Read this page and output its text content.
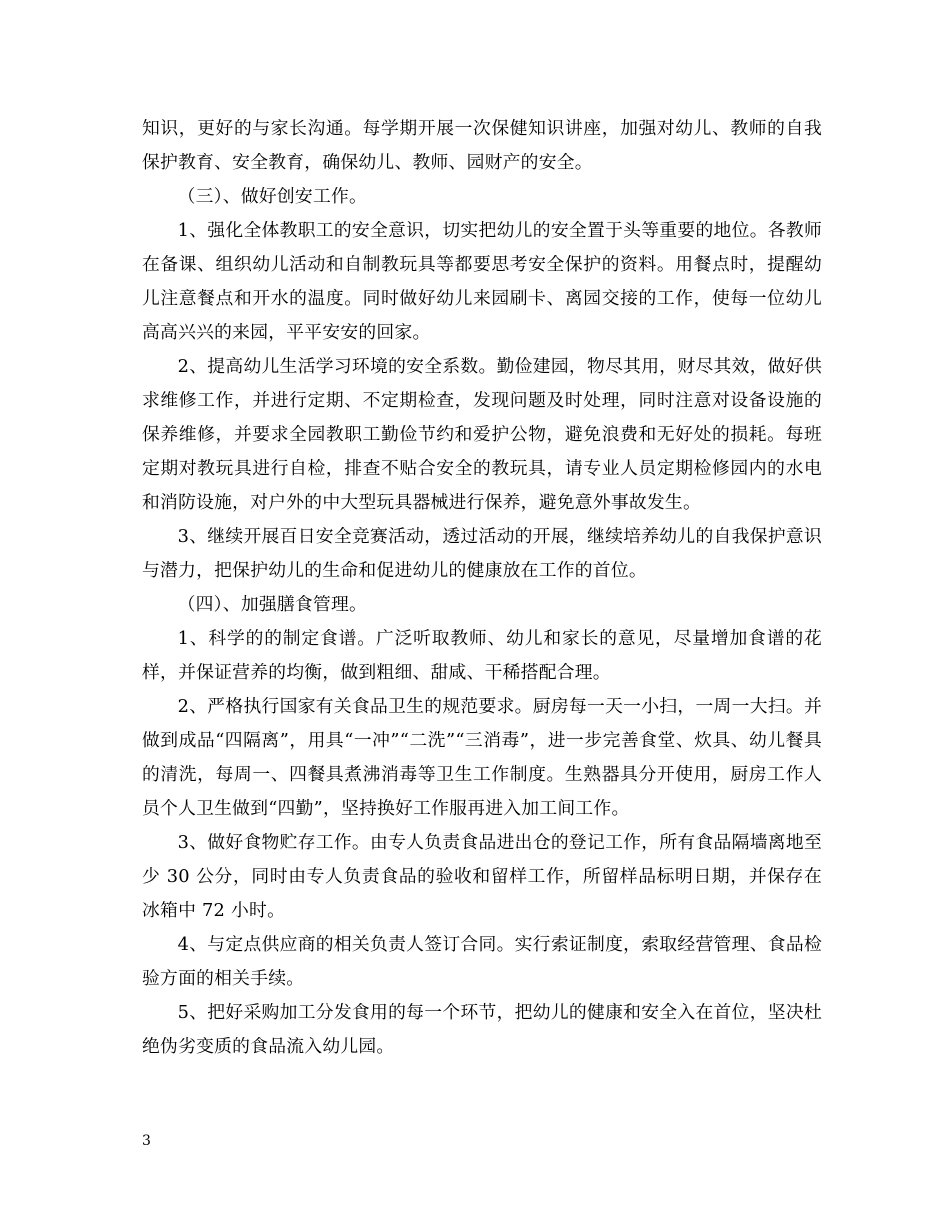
知识，更好的与家长沟通。每学期开展一次保健知识讲座，加强对幼儿、教师的自我保护教育、安全教育，确保幼儿、教师、园财产的安全。

（三）、做好创安工作。

1、强化全体教职工的安全意识，切实把幼儿的安全置于头等重要的地位。各教师在备课、组织幼儿活动和自制教玩具等都要思考安全保护的资料。用餐点时，提醒幼儿注意餐点和开水的温度。同时做好幼儿来园刷卡、离园交接的工作，使每一位幼儿高高兴兴的来园，平平安安的回家。

2、提高幼儿生活学习环境的安全系数。勤俭建园，物尽其用，财尽其效，做好供求维修工作，并进行定期、不定期检查，发现问题及时处理，同时注意对设备设施的保养维修，并要求全园教职工勤俭节约和爱护公物，避免浪费和无好处的损耗。每班定期对教玩具进行自检，排查不贴合安全的教玩具，请专业人员定期检修园内的水电和消防设施，对户外的中大型玩具器械进行保养，避免意外事故发生。

3、继续开展百日安全竞赛活动，透过活动的开展，继续培养幼儿的自我保护意识与潜力，把保护幼儿的生命和促进幼儿的健康放在工作的首位。

（四）、加强膳食管理。

1、科学的的制定食谱。广泛听取教师、幼儿和家长的意见，尽量增加食谱的花样，并保证营养的均衡，做到粗细、甜咸、干稀搭配合理。

2、严格执行国家有关食品卫生的规范要求。厨房每一天一小扫，一周一大扫。并做到成品“四隔离”，用具“一冲”“二洗”“三消毒”，进一步完善食堂、炊具、幼儿餐具的清洗，每周一、四餐具煮沸消毒等卫生工作制度。生熟器具分开使用，厨房工作人员个人卫生做到“四勤”，坚持换好工作服再进入加工间工作。

3、做好食物贮存工作。由专人负责食品进出仓的登记工作，所有食品隔墙离地至少 30 公分，同时由专人负责食品的验收和留样工作，所留样品标明日期，并保存在冰箱中 72 小时。

4、与定点供应商的相关负责人签订合同。实行索证制度，索取经营管理、食品检验方面的相关手续。

5、把好采购加工分发食用的每一个环节，把幼儿的健康和安全入在首位，坚决杜绝伪劣变质的食品流入幼儿园。

3
